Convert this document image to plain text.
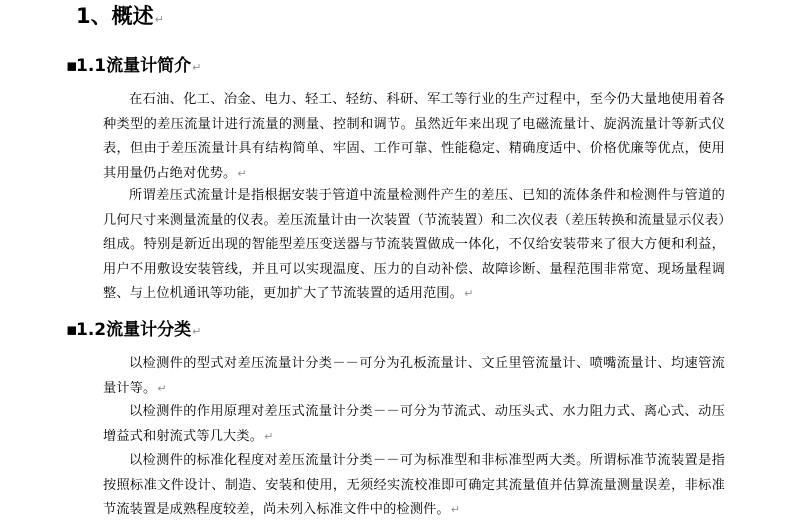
1、概述↵
▪1.1流量计简介↵

在石油、化工、冶金、电力、轻工、轻纺、科研、军工等行业的生产过程中，至今仍大量地使用着各种类型的差压流量计进行流量的测量、控制和调节。虽然近年来出现了电磁流量计、旋涡流量计等新式仪表，但由于差压流量计具有结构简单、牢固、工作可靠、性能稳定、精确度适中、价格优廉等优点，使用其用量仍占绝对优势。↵

所谓差压式流量计是指根据安装于管道中流量检测件产生的差压、已知的流体条件和检测件与管道的几何尺寸来测量流量的仪表。差压流量计由一次装置（节流装置）和二次仪表（差压转换和流量显示仪表）组成。特别是新近出现的智能型差压变送器与节流装置做成一体化，不仅给安装带来了很大方便和利益，用户不用敷设安装管线，并且可以实现温度、压力的自动补偿、故障诊断、量程范围非常宽、现场量程调整、与上位机通讯等功能，更加扩大了节流装置的适用范围。↵

▪1.2流量计分类↵

以检测件的型式对差压流量计分类－－可分为孔板流量计、文丘里管流量计、喷嘴流量计、均速管流量计等。↵

以检测件的作用原理对差压式流量计分类－－可分为节流式、动压头式、水力阻力式、离心式、动压增益式和射流式等几大类。↵

以检测件的标准化程度对差压流量计分类－－可为标准型和非标准型两大类。所谓标准节流装置是指按照标准文件设计、制造、安装和使用，无须经实流校准即可确定其流量值并估算流量测量误差，非标准节流装置是成熟程度较差，尚未列入标准文件中的检测件。↵
